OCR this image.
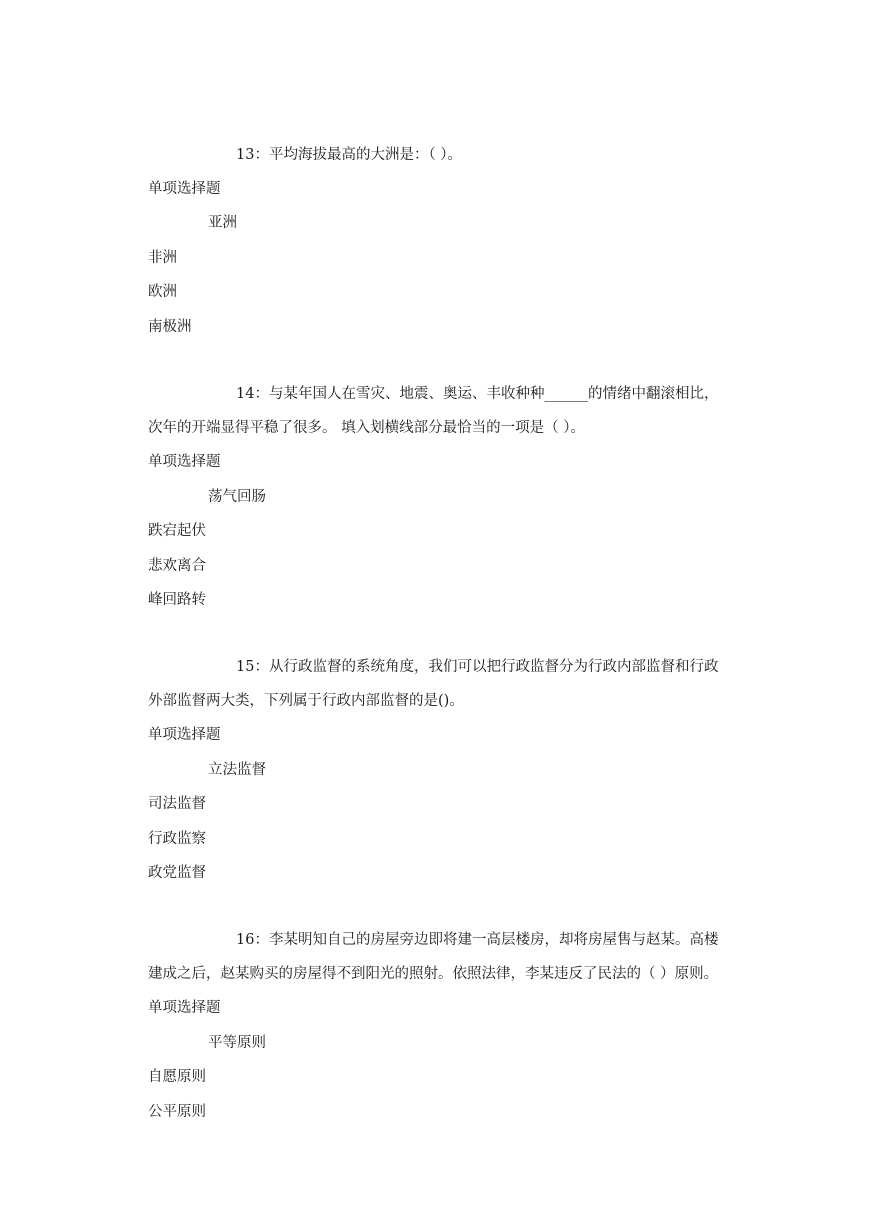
13：平均海拔最高的大洲是：（ ）。
单项选择题
亚洲
非洲
欧洲
南极洲
14：与某年国人在雪灾、地震、奥运、丰收种种______的情绪中翻滚相比，
次年的开端显得平稳了很多。 填入划横线部分最恰当的一项是（ ）。
单项选择题
荡气回肠
跌宕起伏
悲欢离合
峰回路转
15：从行政监督的系统角度，我们可以把行政监督分为行政内部监督和行政
外部监督两大类，下列属于行政内部监督的是()。
单项选择题
立法监督
司法监督
行政监察
政党监督
16：李某明知自己的房屋旁边即将建一高层楼房，却将房屋售与赵某。高楼
建成之后，赵某购买的房屋得不到阳光的照射。依照法律，李某违反了民法的（ ）原则。
单项选择题
平等原则
自愿原则
公平原则
